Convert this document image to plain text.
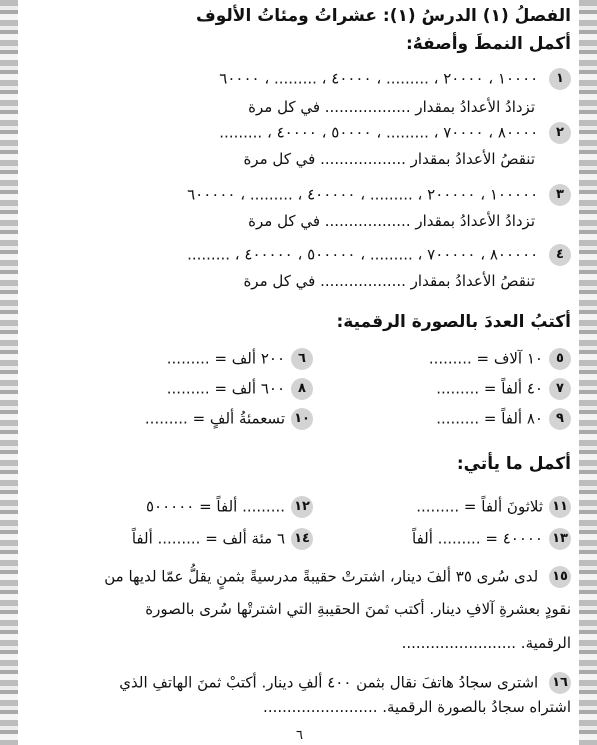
الفصلُ (١) الدرسُ (١): عشراتُ ومئاتُ الألوف
أكمل النمطَ وأصفهُ:
١ ١٠٠٠٠ ، ٢٠٠٠٠ ، ......... ، ٤٠٠٠٠ ، ......... ، ٦٠٠٠٠
تزدادُ الأعدادُ بمقدار .................. في كل مرة
٢ ٨٠٠٠٠ ، ٧٠٠٠٠ ، ......... ، ٥٠٠٠٠ ، ٤٠٠٠٠ ، .........
تنقصُ الأعدادُ بمقدار .................. في كل مرة
٣ ١٠٠٠٠٠ ، ٢٠٠٠٠٠ ، ......... ، ٤٠٠٠٠٠ ، ......... ، ٦٠٠٠٠٠
تزدادُ الأعدادُ بمقدار .................. في كل مرة
٤ ٨٠٠٠٠٠ ، ٧٠٠٠٠٠ ، ......... ، ٥٠٠٠٠٠ ، ٤٠٠٠٠٠ ، .........
تنقصُ الأعدادُ بمقدار .................. في كل مرة
أكتبُ العددَ بالصورة الرقمية:
٥١٠ آلاف = .........
٦٢٠٠ ألف = .........
٧٤٠ ألفاً = .........
٨٦٠٠ ألف = .........
٩٨٠ ألفاً = .........
١٠تسعمئةُ ألفٍ = .........
أكمل ما يأتي:
١١ثلاثونَ ألفاً = .........
١٢......... ألفاً = ٥٠٠٠٠٠
١٣٤٠٠٠٠ = ......... ألفاً
١٤٦ مئة ألف = ......... ألفاً
١٥ لدى سُرى ٣٥ ألفَ دينار، اشترتْ حقيبةً مدرسيةً بثمنٍ يقلُّ عمّا لديها من
نقودٍ بعشرةِ آلافِ دينار. أكتب ثمنَ الحقيبةِ التي اشترتْها سُرى بالصورة
الرقمية. ........................
١٦ اشترى سجادُ هاتفَ نقال بثمن ٤٠٠ ألفِ دينار. أكتبْ ثمنَ الهاتفِ الذي
اشتراه سجادُ بالصورة الرقمية. ........................
٦
